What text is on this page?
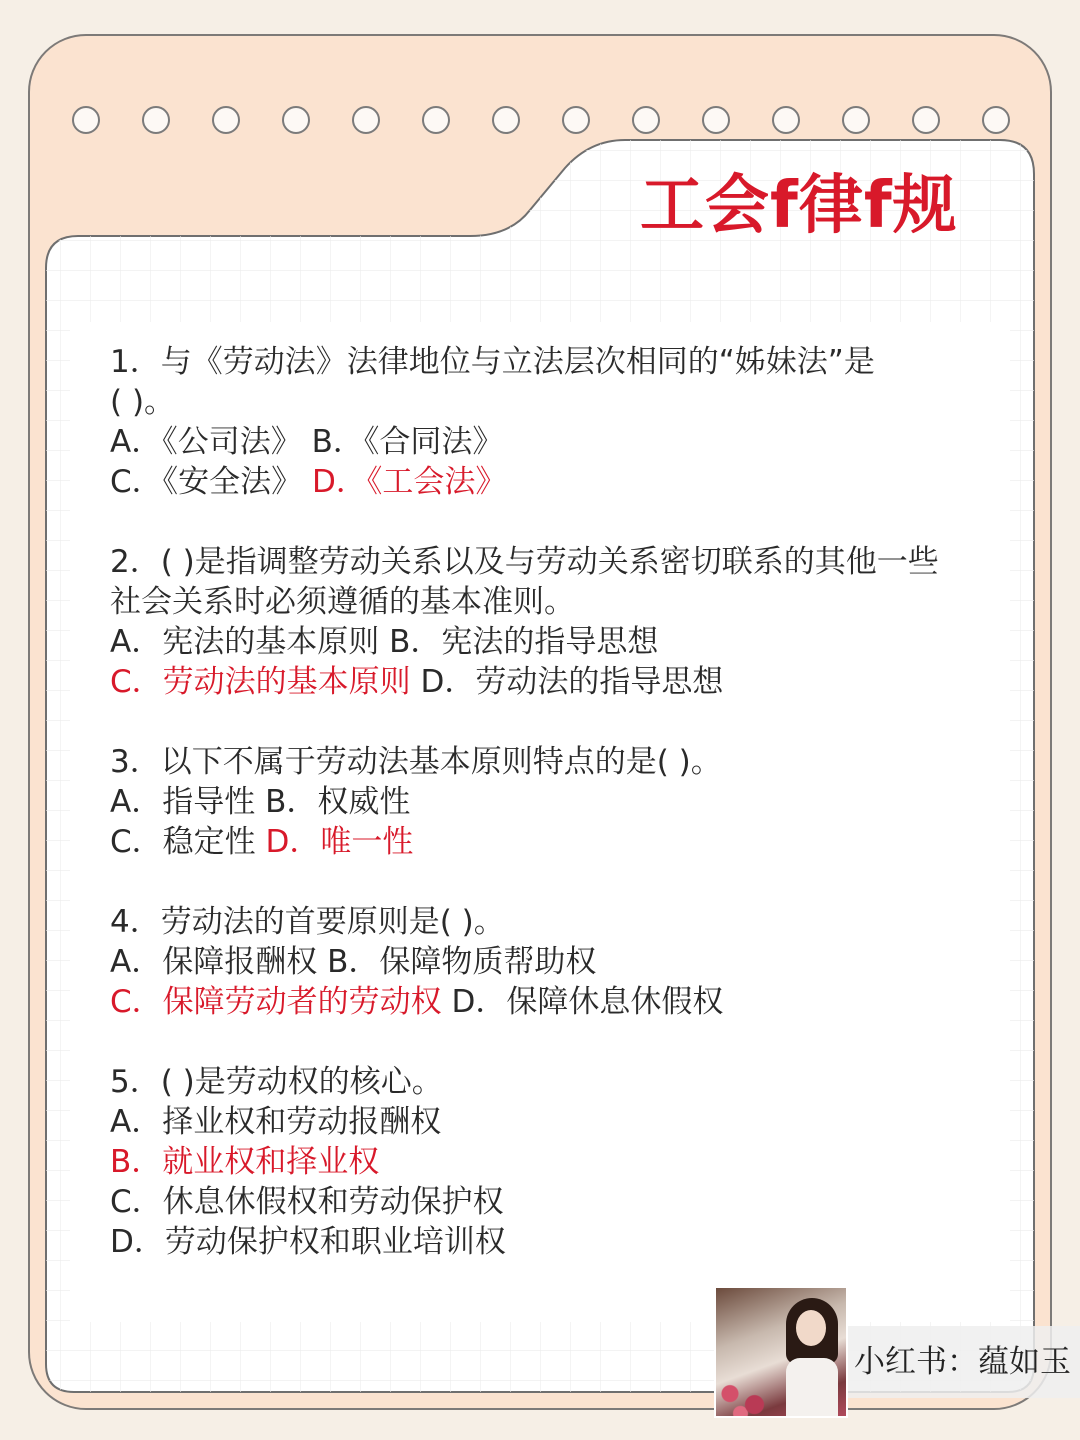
工会f律f规
1．与《劳动法》法律地位与立法层次相同的“姊妹法”是
( )。
A．《公司法》 B．《合同法》
C．《安全法》 D．《工会法》
2．( )是指调整劳动关系以及与劳动关系密切联系的其他一些
社会关系时必须遵循的基本准则。
A．宪法的基本原则 B．宪法的指导思想
C．劳动法的基本原则 D．劳动法的指导思想
3．以下不属于劳动法基本原则特点的是( )。
A．指导性 B．权威性
C．稳定性 D．唯一性
4．劳动法的首要原则是( )。
A．保障报酬权 B．保障物质帮助权
C．保障劳动者的劳动权 D．保障休息休假权
5．( )是劳动权的核心。
A．择业权和劳动报酬权
B．就业权和择业权
C．休息休假权和劳动保护权
D．劳动保护权和职业培训权
小红书：蕴如玉
